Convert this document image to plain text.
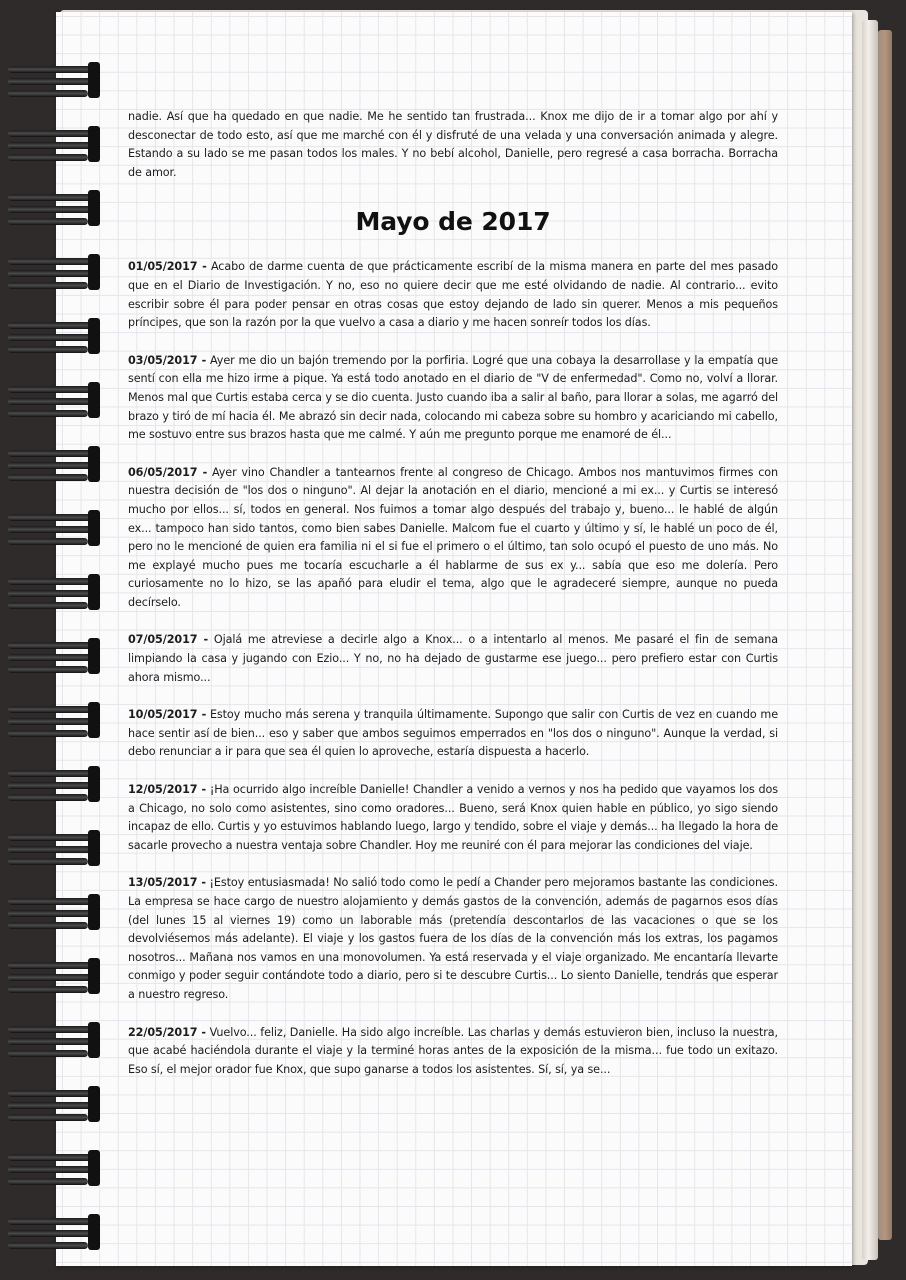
nadie. Así que ha quedado en que nadie. Me he sentido tan frustrada... Knox me dijo de ir a tomar algo por ahí y desconectar de todo esto, así que me marché con él y disfruté de una velada y una conversación animada y alegre. Estando a su lado se me pasan todos los males. Y no bebí alcohol, Danielle, pero regresé a casa borracha. Borracha de amor.

Mayo de 2017

01/05/2017 - Acabo de darme cuenta de que prácticamente escribí de la misma manera en parte del mes pasado que en el Diario de Investigación. Y no, eso no quiere decir que me esté olvidando de nadie. Al contrario... evito escribir sobre él para poder pensar en otras cosas que estoy dejando de lado sin querer. Menos a mis pequeños príncipes, que son la razón por la que vuelvo a casa a diario y me hacen sonreír todos los días.

03/05/2017 - Ayer me dio un bajón tremendo por la porfiria. Logré que una cobaya la desarrollase y la empatía que sentí con ella me hizo irme a pique. Ya está todo anotado en el diario de "V de enfermedad". Como no, volví a llorar. Menos mal que Curtis estaba cerca y se dio cuenta. Justo cuando iba a salir al baño, para llorar a solas, me agarró del brazo y tiró de mí hacia él. Me abrazó sin decir nada, colocando mi cabeza sobre su hombro y acariciando mi cabello, me sostuvo entre sus brazos hasta que me calmé. Y aún me pregunto porque me enamoré de él...

06/05/2017 - Ayer vino Chandler a tantearnos frente al congreso de Chicago. Ambos nos mantuvimos firmes con nuestra decisión de "los dos o ninguno". Al dejar la anotación en el diario, mencioné a mi ex... y Curtis se interesó mucho por ellos... sí, todos en general. Nos fuimos a tomar algo después del trabajo y, bueno... le hablé de algún ex... tampoco han sido tantos, como bien sabes Danielle. Malcom fue el cuarto y último y sí, le hablé un poco de él, pero no le mencioné de quien era familia ni el si fue el primero o el último, tan solo ocupó el puesto de uno más. No me explayé mucho pues me tocaría escucharle a él hablarme de sus ex y... sabía que eso me dolería. Pero curiosamente no lo hizo, se las apañó para eludir el tema, algo que le agradeceré siempre, aunque no pueda decírselo.

07/05/2017 - Ojalá me atreviese a decirle algo a Knox... o a intentarlo al menos. Me pasaré el fin de semana limpiando la casa y jugando con Ezio... Y no, no ha dejado de gustarme ese juego... pero prefiero estar con Curtis ahora mismo...

10/05/2017 - Estoy mucho más serena y tranquila últimamente. Supongo que salir con Curtis de vez en cuando me hace sentir así de bien... eso y saber que ambos seguimos emperrados en "los dos o ninguno". Aunque la verdad, si debo renunciar a ir para que sea él quien lo aproveche, estaría dispuesta a hacerlo.

12/05/2017 - ¡Ha ocurrido algo increíble Danielle! Chandler a venido a vernos y nos ha pedido que vayamos los dos a Chicago, no solo como asistentes, sino como oradores... Bueno, será Knox quien hable en público, yo sigo siendo incapaz de ello. Curtis y yo estuvimos hablando luego, largo y tendido, sobre el viaje y demás... ha llegado la hora de sacarle provecho a nuestra ventaja sobre Chandler. Hoy me reuniré con él para mejorar las condiciones del viaje.

13/05/2017 - ¡Estoy entusiasmada! No salió todo como le pedí a Chander pero mejoramos bastante las condiciones. La empresa se hace cargo de nuestro alojamiento y demás gastos de la convención, además de pagarnos esos días (del lunes 15 al viernes 19) como un laborable más (pretendía descontarlos de las vacaciones o que se los devolviésemos más adelante). El viaje y los gastos fuera de los días de la convención más los extras, los pagamos nosotros... Mañana nos vamos en una monovolumen. Ya está reservada y el viaje organizado. Me encantaría llevarte conmigo y poder seguir contándote todo a diario, pero si te descubre Curtis... Lo siento Danielle, tendrás que esperar a nuestro regreso.

22/05/2017 - Vuelvo... feliz, Danielle. Ha sido algo increíble. Las charlas y demás estuvieron bien, incluso la nuestra, que acabé haciéndola durante el viaje y la terminé horas antes de la exposición de la misma... fue todo un exitazo. Eso sí, el mejor orador fue Knox, que supo ganarse a todos los asistentes. Sí, sí, ya se...
